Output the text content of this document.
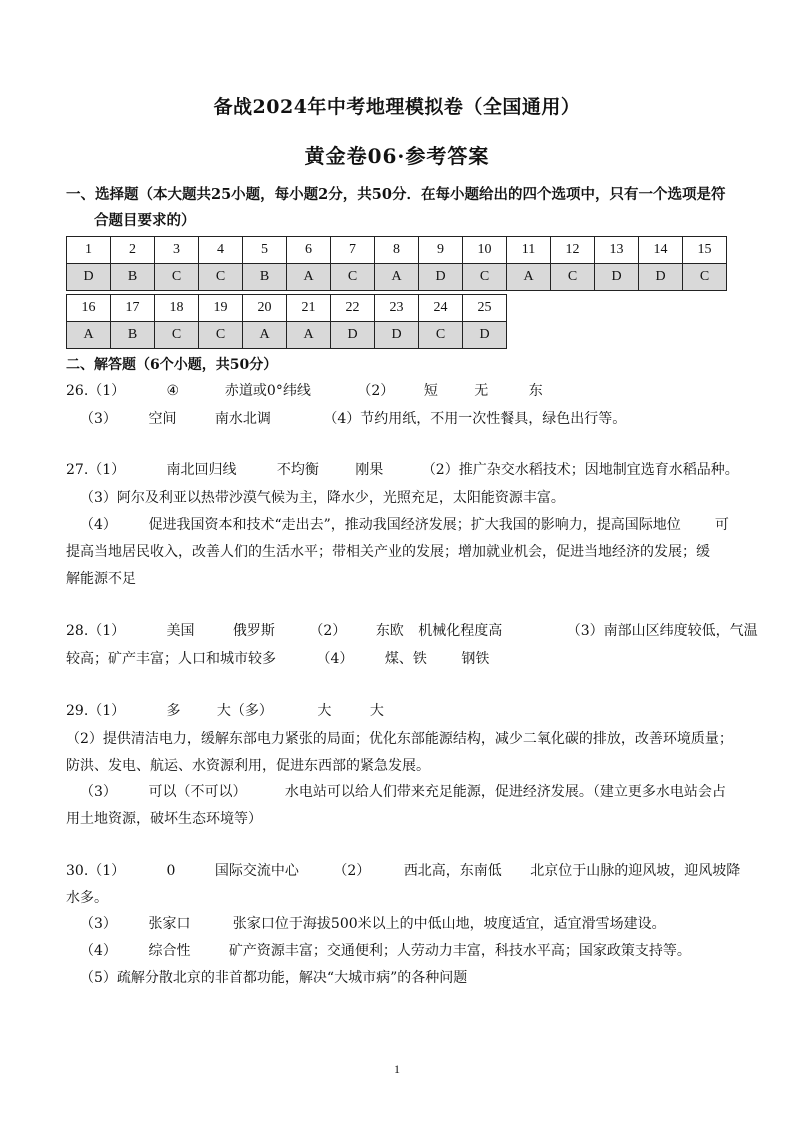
备战2024年中考地理模拟卷（全国通用）
黄金卷06·参考答案
一、选择题（本大题共25小题，每小题2分，共50分．在每小题给出的四个选项中，只有一个选项是符
合题目要求的）
1	2	3	4	5	6	7	8	9	10	11	12	13	14	15
D	B	C	C	B	A	C	A	D	C	A	C	D	D	C
16	17	18	19	20	21	22	23	24	25
A	B	C	C	A	A	D	D	C	D
二、解答题（6个小题，共50分）
26.（1）	④	赤道或0°纬线	（2） 短	无	东
（3） 空间	南水北调	（4）节约用纸，不用一次性餐具，绿色出行等。
27.（1）	南北回归线	不均衡	刚果	（2）推广杂交水稻技术；因地制宜选育水稻品种。
（3）阿尔及利亚以热带沙漠气候为主，降水少，光照充足，太阳能资源丰富。
（4） 促进我国资本和技术“走出去”，推动我国经济发展；扩大我国的影响力，提高国际地位 可
提高当地居民收入，改善人们的生活水平；带相关产业的发展；增加就业机会，促进当地经济的发展；缓
解能源不足
28.（1）	美国	俄罗斯 （2） 东欧 机械化程度高	（3）南部山区纬度较低，气温
较高；矿产丰富；人口和城市较多	（4） 煤、铁 钢铁
29.（1）	多	大（多）	大	大
（2）提供清洁电力，缓解东部电力紧张的局面；优化东部能源结构，减少二氧化碳的排放，改善环境质量；
防洪、发电、航运、水资源利用，促进东西部的紧急发展。
（3） 可以（不可以）	水电站可以给人们带来充足能源，促进经济发展。（建立更多水电站会占
用土地资源，破坏生态环境等）
30.（1）	0	国际交流中心 （2） 西北高，东南低 北京位于山脉的迎风坡，迎风坡降
水多。
（3） 张家口	张家口位于海拔500米以上的中低山地，坡度适宜，适宜滑雪场建设。
（4） 综合性	矿产资源丰富；交通便利；人劳动力丰富，科技水平高；国家政策支持等。
（5）疏解分散北京的非首都功能，解决“大城市病”的各种问题
1
